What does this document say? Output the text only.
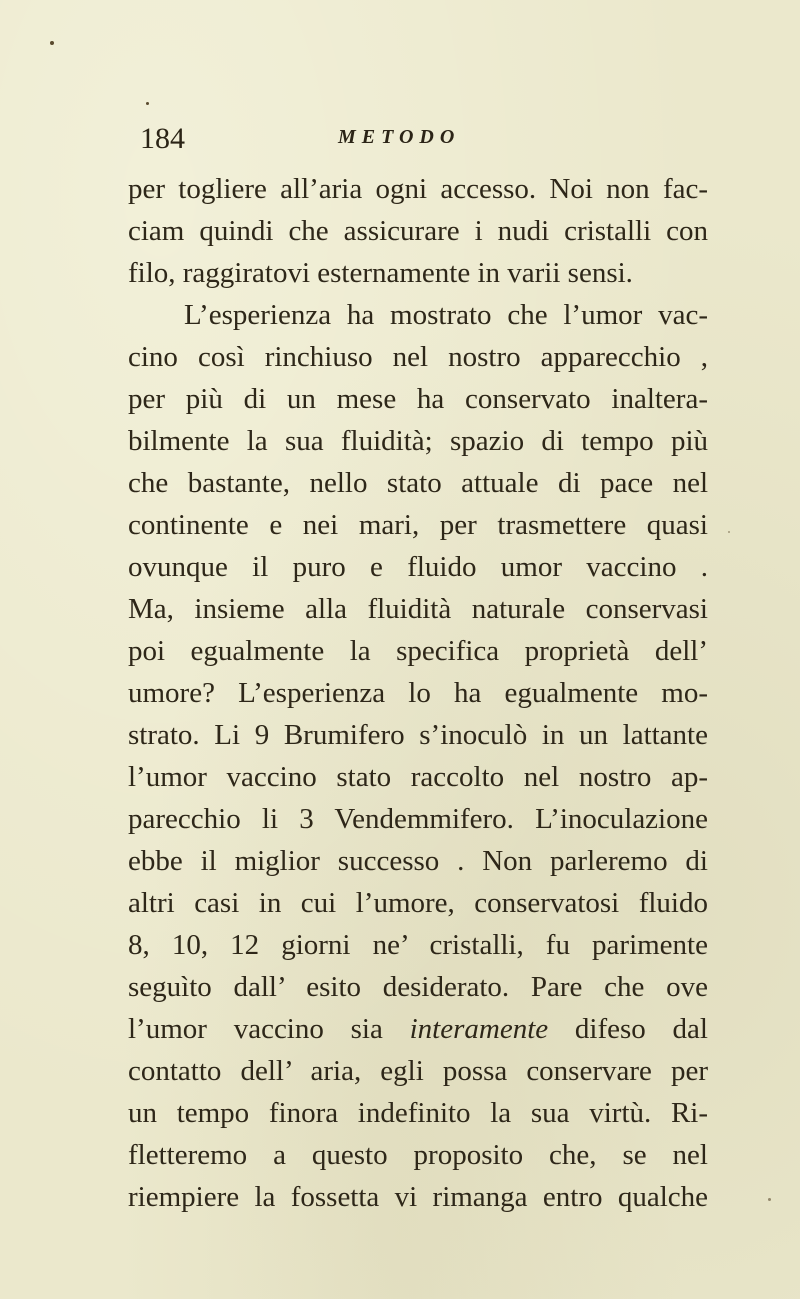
184	METODO
per togliere all’aria ogni accesso. Noi non fac-
ciam quindi che assicurare i nudi cristalli con
filo, raggiratovi esternamente in varii sensi.
L’esperienza ha mostrato che l’umor vac-
cino così rinchiuso nel nostro apparecchio ,
per più di un mese ha conservato inaltera-
bilmente la sua fluidità; spazio di tempo più
che bastante, nello stato attuale di pace nel
continente e nei mari, per trasmettere quasi
ovunque il puro e fluido umor vaccino .
Ma, insieme alla fluidità naturale conservasi
poi egualmente la specifica proprietà dell’
umore? L’esperienza lo ha egualmente mo-
strato. Li 9 Brumifero s’inoculò in un lattante
l’umor vaccino stato raccolto nel nostro ap-
parecchio li 3 Vendemmifero. L’inoculazione
ebbe il miglior successo . Non parleremo di
altri casi in cui l’umore, conservatosi fluido
8, 10, 12 giorni ne’ cristalli, fu parimente
seguìto dall’ esito desiderato. Pare che ove
l’umor vaccino sia interamente difeso dal
contatto dell’ aria, egli possa conservare per
un tempo finora indefinito la sua virtù. Ri-
fletteremo a questo proposito che, se nel
riempiere la fossetta vi rimanga entro qualche
